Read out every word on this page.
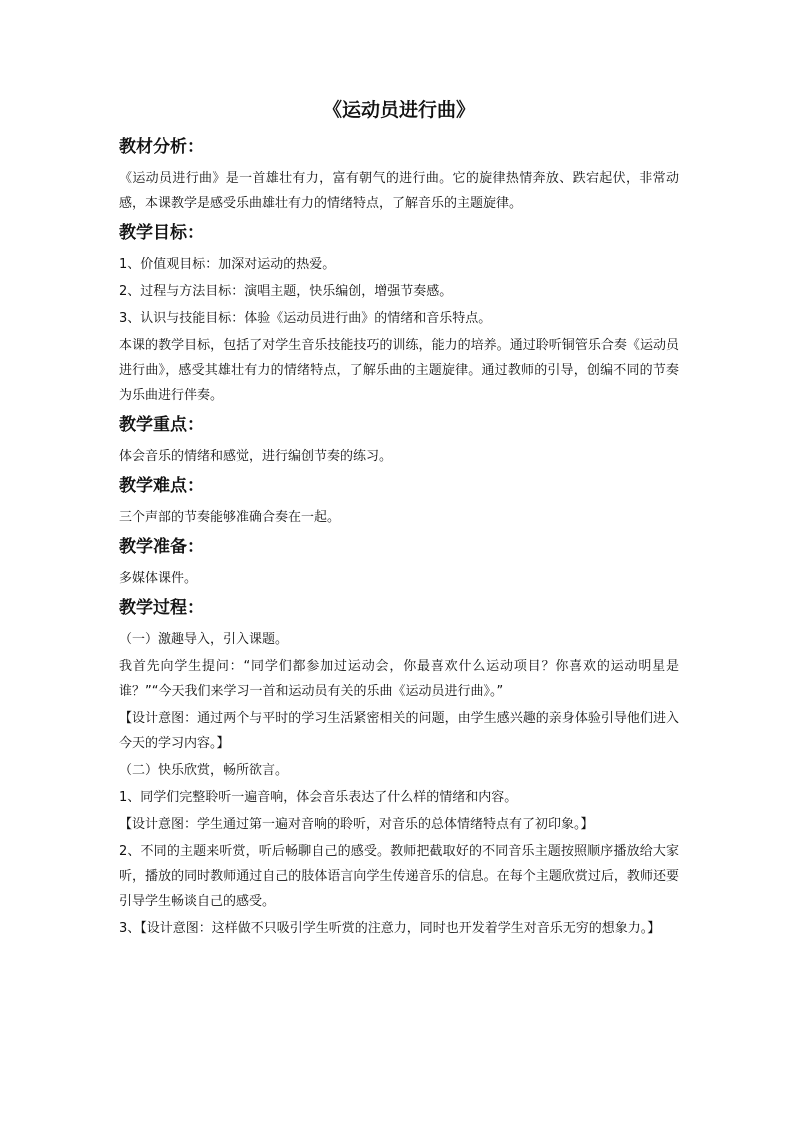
《运动员进行曲》
教材分析：
《运动员进行曲》是一首雄壮有力，富有朝气的进行曲。它的旋律热情奔放、跌宕起伏，非常动感，本课教学是感受乐曲雄壮有力的情绪特点，了解音乐的主题旋律。
教学目标：
1、价值观目标：加深对运动的热爱。
2、过程与方法目标：演唱主题，快乐编创，增强节奏感。
3、认识与技能目标：体验《运动员进行曲》的情绪和音乐特点。
本课的教学目标，包括了对学生音乐技能技巧的训练，能力的培养。通过聆听铜管乐合奏《运动员进行曲》，感受其雄壮有力的情绪特点，了解乐曲的主题旋律。通过教师的引导，创编不同的节奏为乐曲进行伴奏。
教学重点：
体会音乐的情绪和感觉，进行编创节奏的练习。
教学难点：
三个声部的节奏能够准确合奏在一起。
教学准备：
多媒体课件。
教学过程：
（一）激趣导入，引入课题。
我首先向学生提问：“同学们都参加过运动会，你最喜欢什么运动项目？你喜欢的运动明星是谁？”“今天我们来学习一首和运动员有关的乐曲《运动员进行曲》。”
【设计意图：通过两个与平时的学习生活紧密相关的问题，由学生感兴趣的亲身体验引导他们进入今天的学习内容。】
（二）快乐欣赏，畅所欲言。
1、同学们完整聆听一遍音响，体会音乐表达了什么样的情绪和内容。
【设计意图：学生通过第一遍对音响的聆听，对音乐的总体情绪特点有了初印象。】
2、不同的主题来听赏，听后畅聊自己的感受。教师把截取好的不同音乐主题按照顺序播放给大家听，播放的同时教师通过自己的肢体语言向学生传递音乐的信息。在每个主题欣赏过后，教师还要引导学生畅谈自己的感受。
3、【设计意图：这样做不只吸引学生听赏的注意力，同时也开发着学生对音乐无穷的想象力。】
